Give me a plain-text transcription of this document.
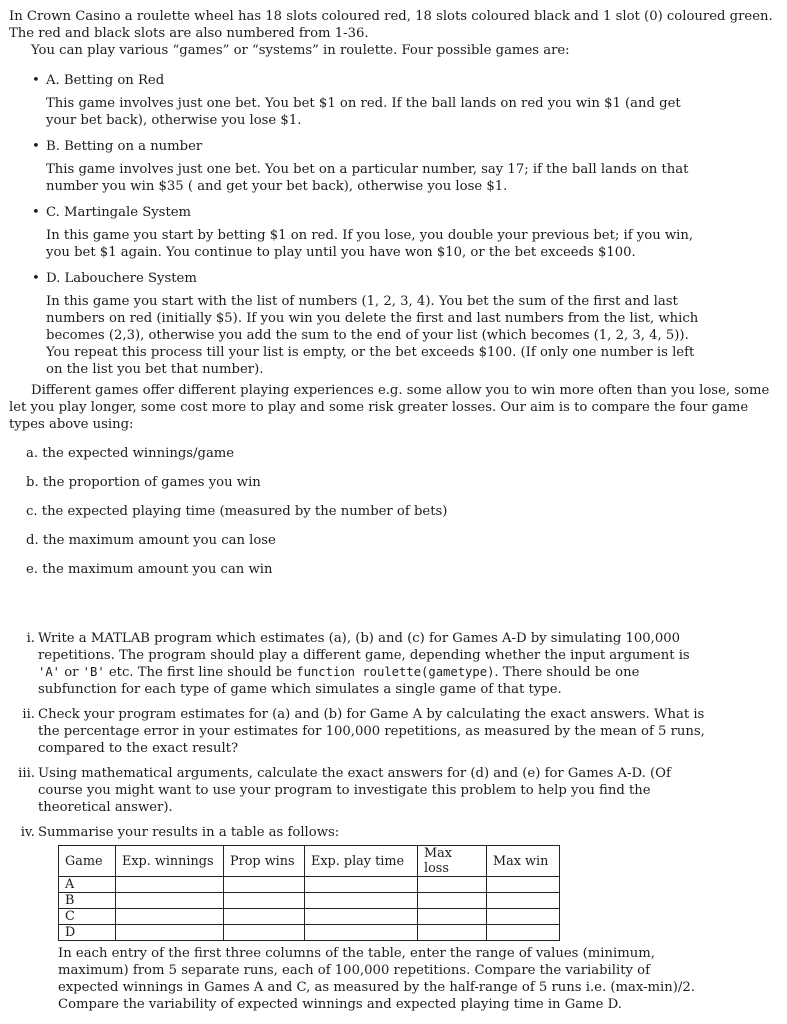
In Crown Casino a roulette wheel has 18 slots coloured red, 18 slots coloured black and 1 slot (0) coloured green. The red and black slots are also numbered from 1-36.

You can play various “games” or “systems” in roulette. Four possible games are:

• A. Betting on Red

This game involves just one bet. You bet $1 on red. If the ball lands on red you win $1 (and get your bet back), otherwise you lose $1.

• B. Betting on a number

This game involves just one bet. You bet on a particular number, say 17; if the ball lands on that number you win $35 ( and get your bet back), otherwise you lose $1.

• C. Martingale System

In this game you start by betting $1 on red. If you lose, you double your previous bet; if you win, you bet $1 again. You continue to play until you have won $10, or the bet exceeds $100.

• D. Labouchere System

In this game you start with the list of numbers (1, 2, 3, 4). You bet the sum of the first and last numbers on red (initially $5). If you win you delete the first and last numbers from the list, which becomes (2,3), otherwise you add the sum to the end of your list (which becomes (1, 2, 3, 4, 5)). You repeat this process till your list is empty, or the bet exceeds $100. (If only one number is left on the list you bet that number).

Different games offer different playing experiences e.g. some allow you to win more often than you lose, some let you play longer, some cost more to play and some risk greater losses. Our aim is to compare the four game types above using:

a. the expected winnings/game
b. the proportion of games you win
c. the expected playing time (measured by the number of bets)
d. the maximum amount you can lose
e. the maximum amount you can win
i. Write a MATLAB program which estimates (a), (b) and (c) for Games A-D by simulating 100,000 repetitions. The program should play a different game, depending whether the input argument is 'A' or 'B' etc. The first line should be function roulette(gametype). There should be one subfunction for each type of game which simulates a single game of that type.
ii. Check your program estimates for (a) and (b) for Game A by calculating the exact answers. What is the percentage error in your estimates for 100,000 repetitions, as measured by the mean of 5 runs, compared to the exact result?
iii. Using mathematical arguments, calculate the exact answers for (d) and (e) for Games A-D. (Of course you might want to use your program to investigate this problem to help you find the theoretical answer).
iv. Summarise your results in a table as follows:
Game	Exp. winnings	Prop wins	Exp. play time	Max loss	Max win
A					
B					
C					
D					

In each entry of the first three columns of the table, enter the range of values (minimum, maximum) from 5 separate runs, each of 100,000 repetitions. Compare the variability of expected winnings in Games A and C, as measured by the half-range of 5 runs i.e. (max-min)/2. Compare the variability of expected winnings and expected playing time in Game D.
